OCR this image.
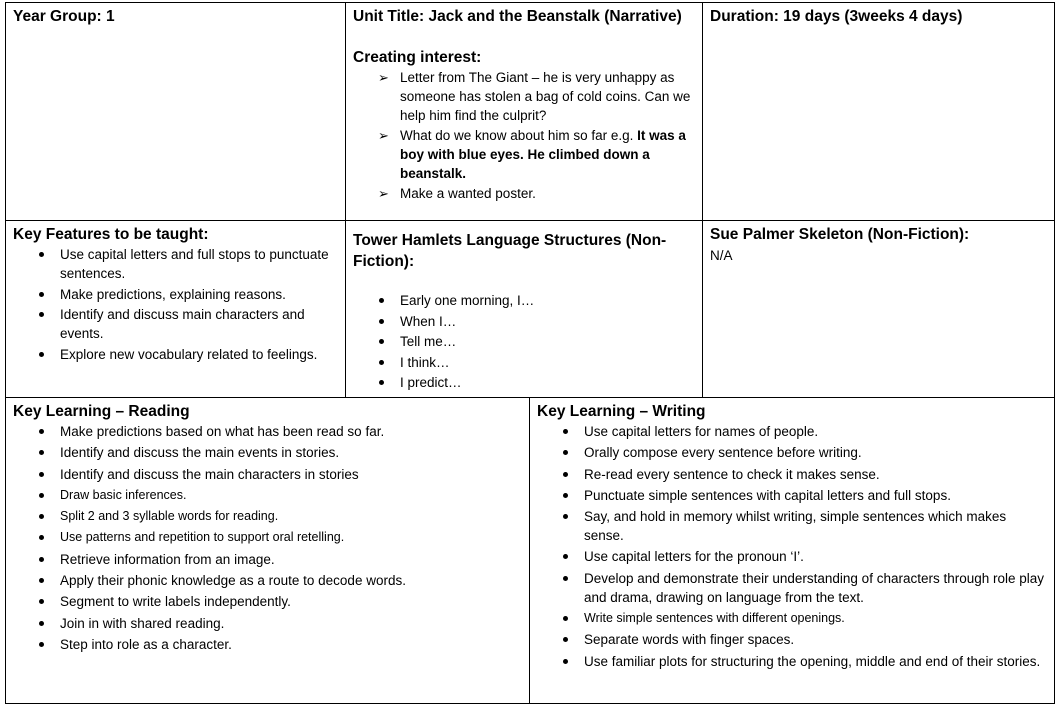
Year Group: 1	Unit Title: Jack and the Beanstalk (Narrative)
Creating interest:
➢ Letter from The Giant – he is very unhappy as someone has stolen a bag of cold coins. Can we help him find the culprit?
➢ What do we know about him so far e.g. It was a boy with blue eyes. He climbed down a beanstalk.
➢ Make a wanted poster.
Duration: 19 days (3weeks 4 days)
Key Features to be taught:
Use capital letters and full stops to punctuate sentences.
Make predictions, explaining reasons.
Identify and discuss main characters and events.
Explore new vocabulary related to feelings.
Tower Hamlets Language Structures (Non-Fiction):
Early one morning, I…
When I…
Tell me…
I think…
I predict…
Sue Palmer Skeleton (Non-Fiction):
N/A
Key Learning – Reading
Make predictions based on what has been read so far.
Identify and discuss the main events in stories.
Identify and discuss the main characters in stories
Draw basic inferences.
Split 2 and 3 syllable words for reading.
Use patterns and repetition to support oral retelling.
Retrieve information from an image.
Apply their phonic knowledge as a route to decode words.
Segment to write labels independently.
Join in with shared reading.
Step into role as a character.
Key Learning – Writing
Use capital letters for names of people.
Orally compose every sentence before writing.
Re-read every sentence to check it makes sense.
Punctuate simple sentences with capital letters and full stops.
Say, and hold in memory whilst writing, simple sentences which makes sense.
Use capital letters for the pronoun ‘I’.
Develop and demonstrate their understanding of characters through role play and drama, drawing on language from the text.
Write simple sentences with different openings.
Separate words with finger spaces.
Use familiar plots for structuring the opening, middle and end of their stories.
